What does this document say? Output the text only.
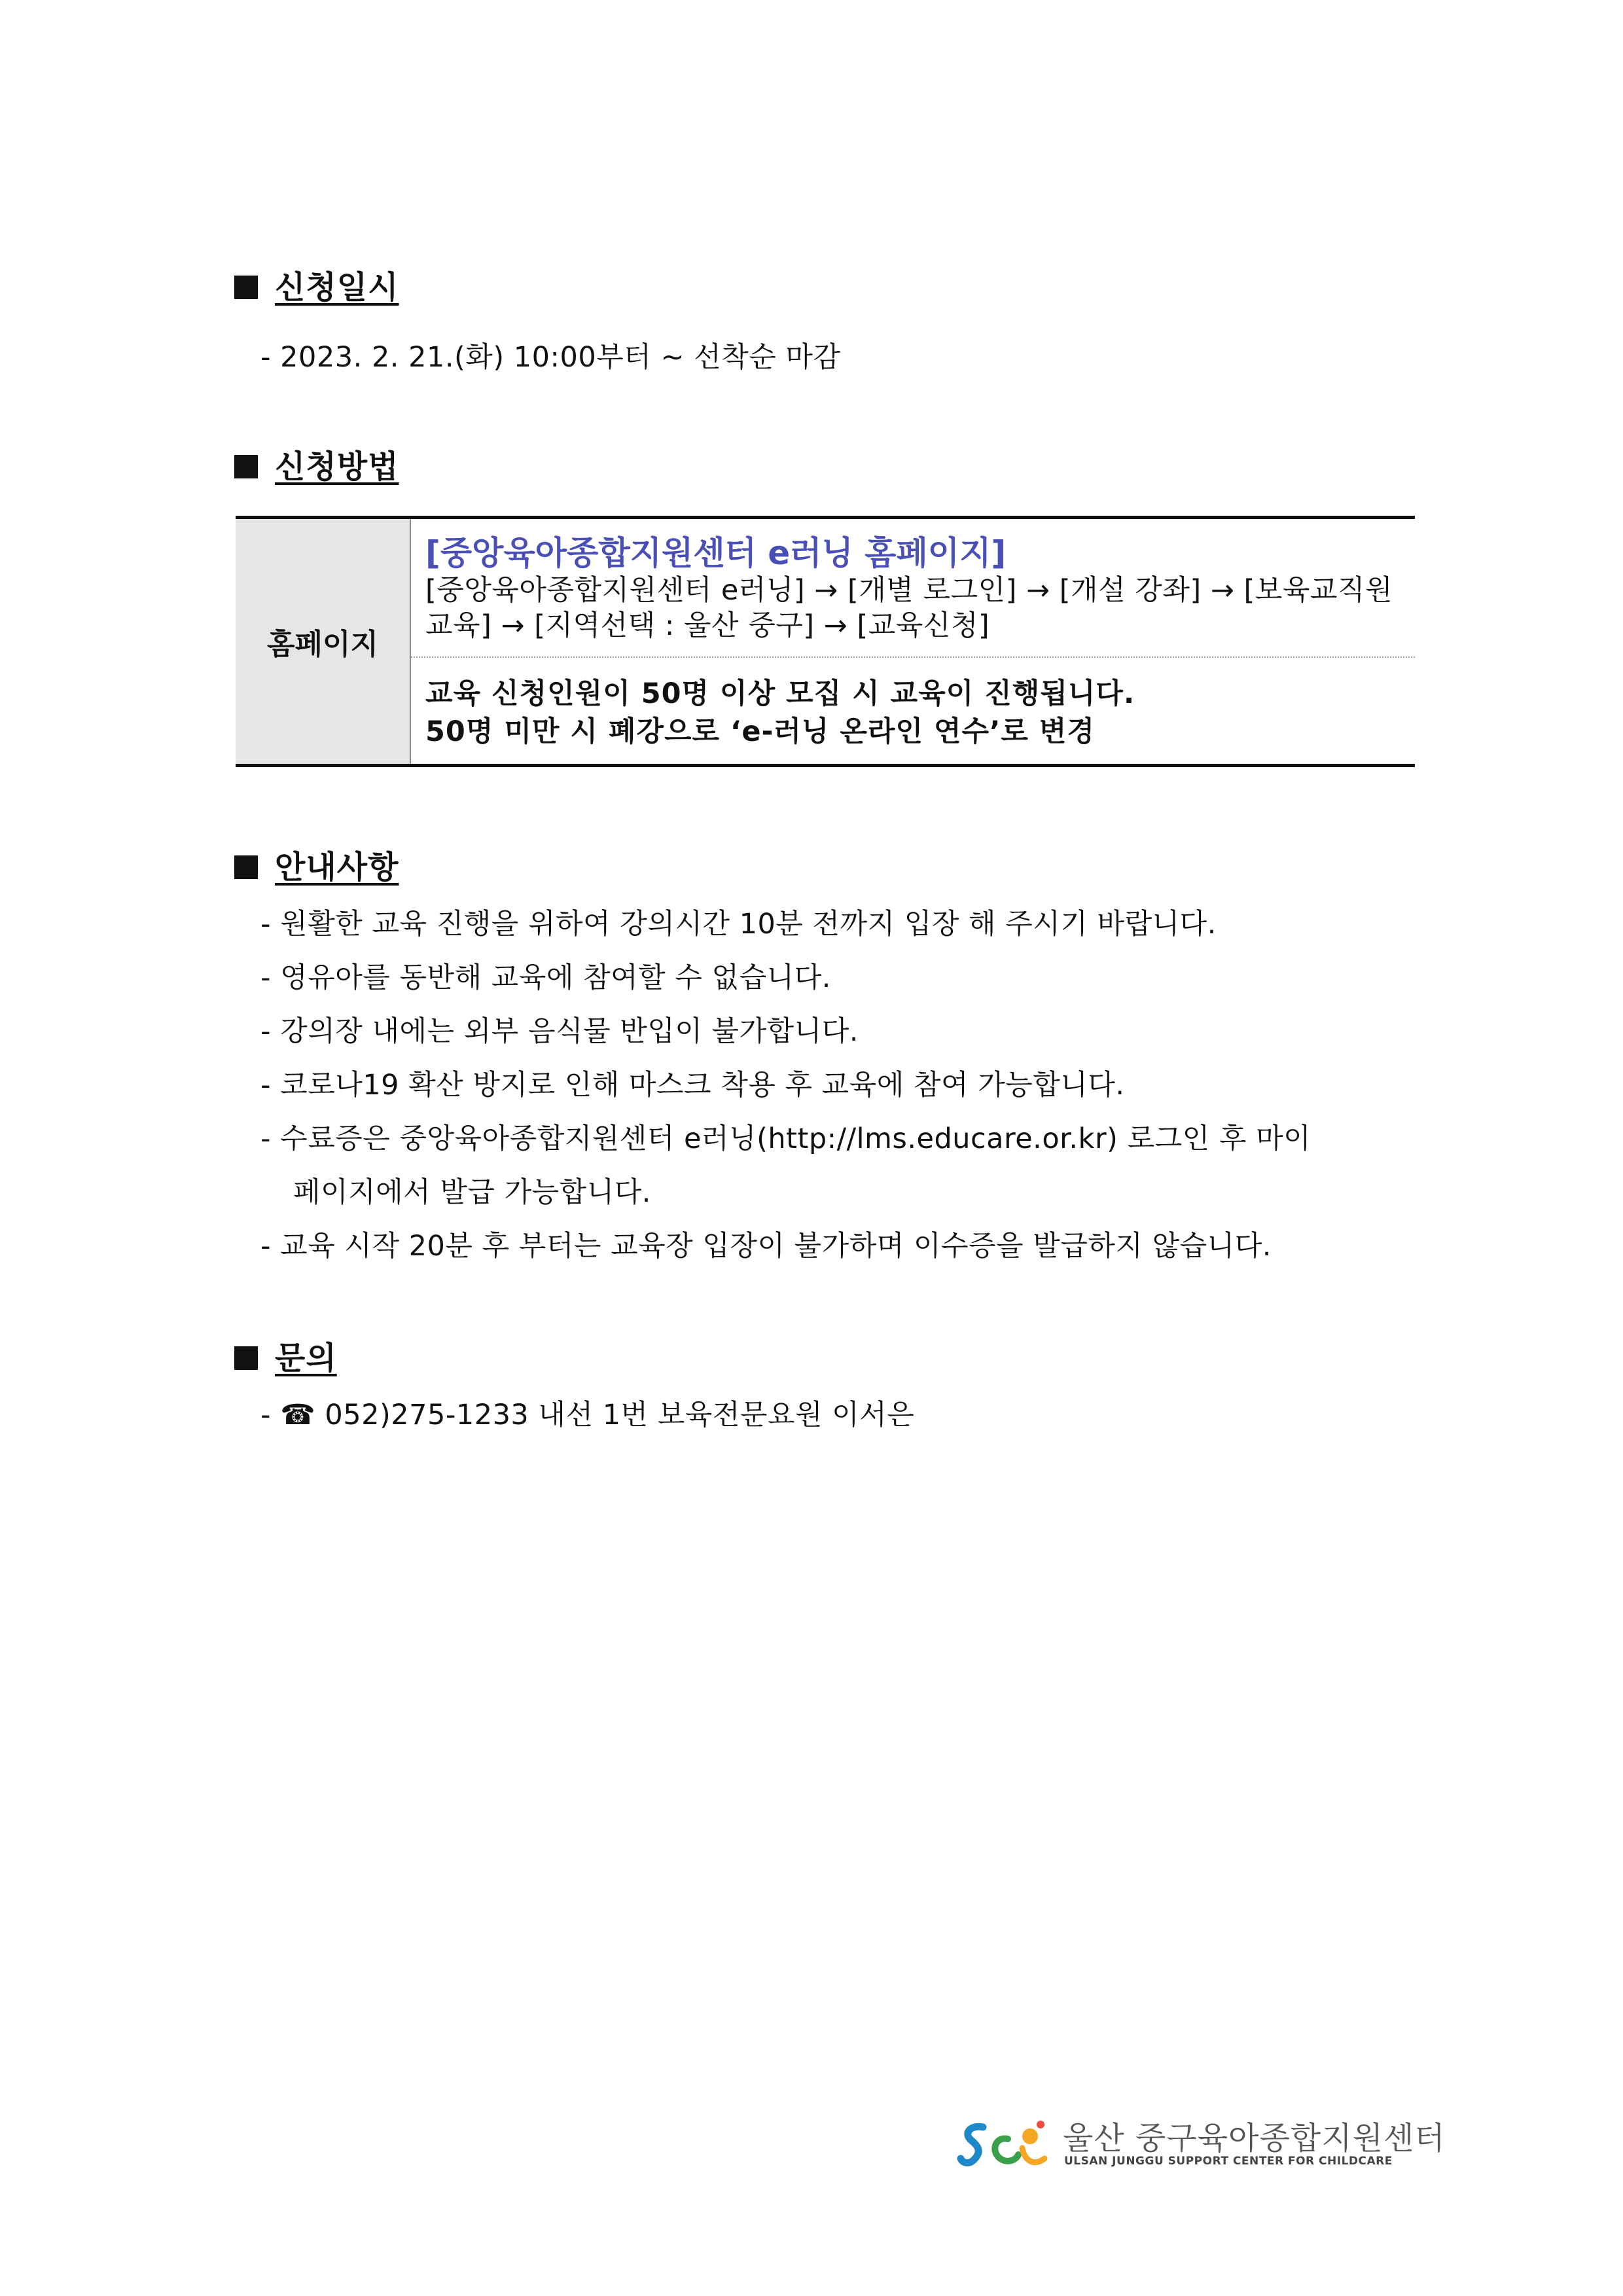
신청일시
- 2023. 2. 21.(화) 10:00부터 ~ 선착순 마감
신청방법
홈페이지	
[중앙육아종합지원센터 e러닝 홈페이지]
[중앙육아종합지원센터 e러닝] → [개별 로그인] → [개설 강좌] → [보육교직원교육] → [지역선택 : 울산 중구] → [교육신청]

교육 신청인원이 50명 이상 모집 시 교육이 진행됩니다.
50명 미만 시 폐강으로 ‘e-러닝 온라인 연수’로 변경
안내사항
- 원활한 교육 진행을 위하여 강의시간 10분 전까지 입장 해 주시기 바랍니다.
- 영유아를 동반해 교육에 참여할 수 없습니다.
- 강의장 내에는 외부 음식물 반입이 불가합니다.
- 코로나19 확산 방지로 인해 마스크 착용 후 교육에 참여 가능합니다.
- 수료증은 중앙육아종합지원센터 e러닝(http://lms.educare.or.kr) 로그인 후 마이
페이지에서 발급 가능합니다.
- 교육 시작 20분 후 부터는 교육장 입장이 불가하며 이수증을 발급하지 않습니다.
문의
- ☎ 052)275-1233 내선 1번 보육전문요원 이서은
울산 중구육아종합지원센터
ULSAN JUNGGU SUPPORT CENTER FOR CHILDCARE
